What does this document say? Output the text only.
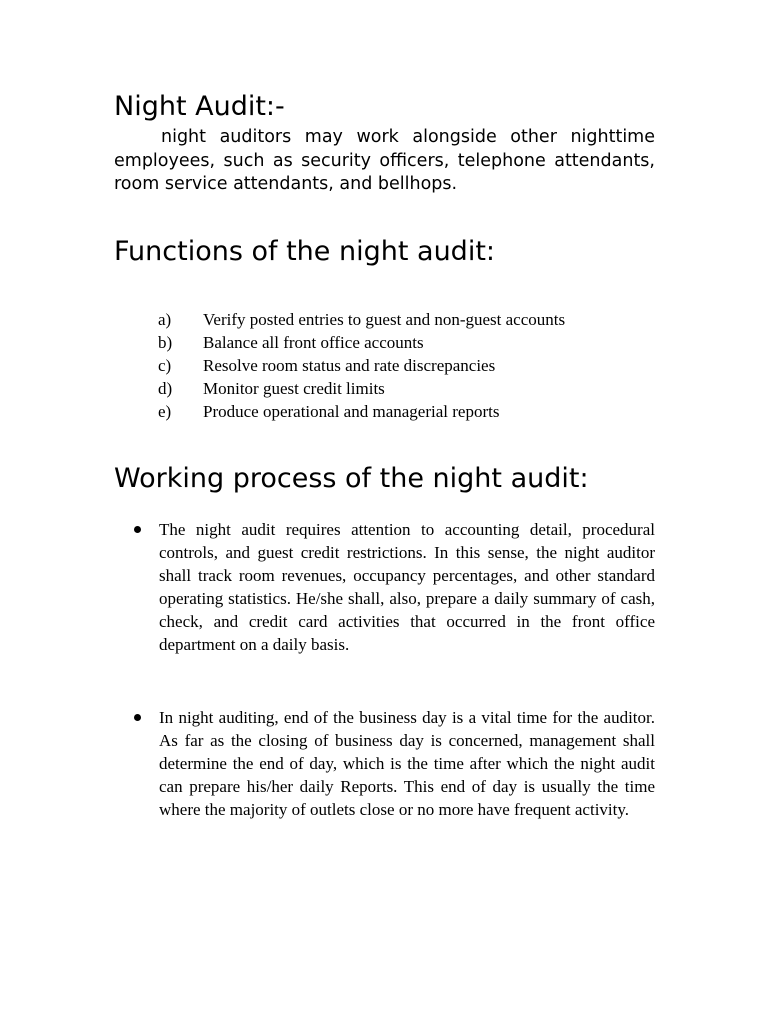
Night Audit:-

night auditors may work alongside other nighttime employees, such as security officers, telephone attendants, room service attendants, and bellhops.

Functions of the night audit:
a) Verify posted entries to guest and non-guest accounts
b) Balance all front office accounts
c) Resolve room status and rate discrepancies
d) Monitor guest credit limits
e) Produce operational and managerial reports
Working process of the night audit:

The night audit requires attention to accounting detail, procedural controls, and guest credit restrictions. In this sense, the night auditor shall track room revenues, occupancy percentages, and other standard operating statistics. He/she shall, also, prepare a daily summary of cash, check, and credit card activities that occurred in the front office department on a daily basis.

In night auditing, end of the business day is a vital time for the auditor. As far as the closing of business day is concerned, management shall determine the end of day, which is the time after which the night audit can prepare his/her daily Reports. This end of day is usually the time where the majority of outlets close or no more have frequent activity.
